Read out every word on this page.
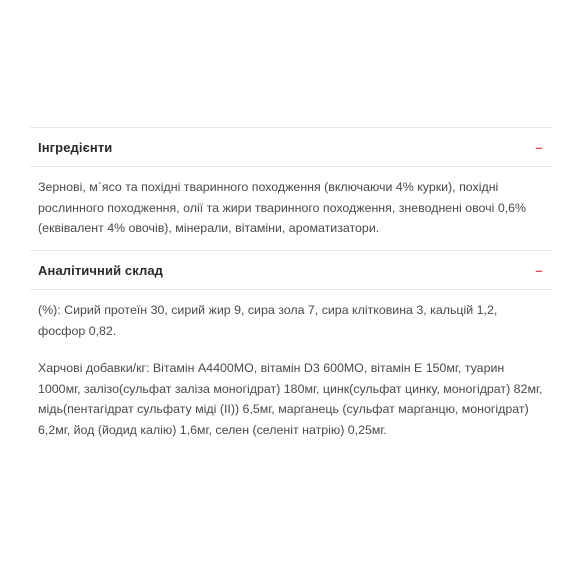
Інгредієнти	–

Зернові, м`ясо та похідні тваринного походження (включаючи 4% курки), похідні рослинного походження, олії та жири тваринного походження, зневоднені овочі 0,6% (еквівалент 4% овочів), мінерали, вітаміни, ароматизатори.

Аналітичний склад	–

(%): Сирий протеїн 30, сирий жир 9, сира зола 7, сира клітковина 3, кальцій 1,2, фосфор 0,82.

Харчові добавки/кг: Вітамін A4400МО, вітамін D3 600МО, вітамін E 150мг, туарин 1000мг, залізо(сульфат заліза моногідрат) 180мг, цинк(сульфат цинку, моногідрат) 82мг, мідь(пентагідрат сульфату міді (II)) 6,5мг, марганець (сульфат марганцю, моногідрат) 6,2мг, йод (йодид калію) 1,6мг, селен (селеніт натрію) 0,25мг.
